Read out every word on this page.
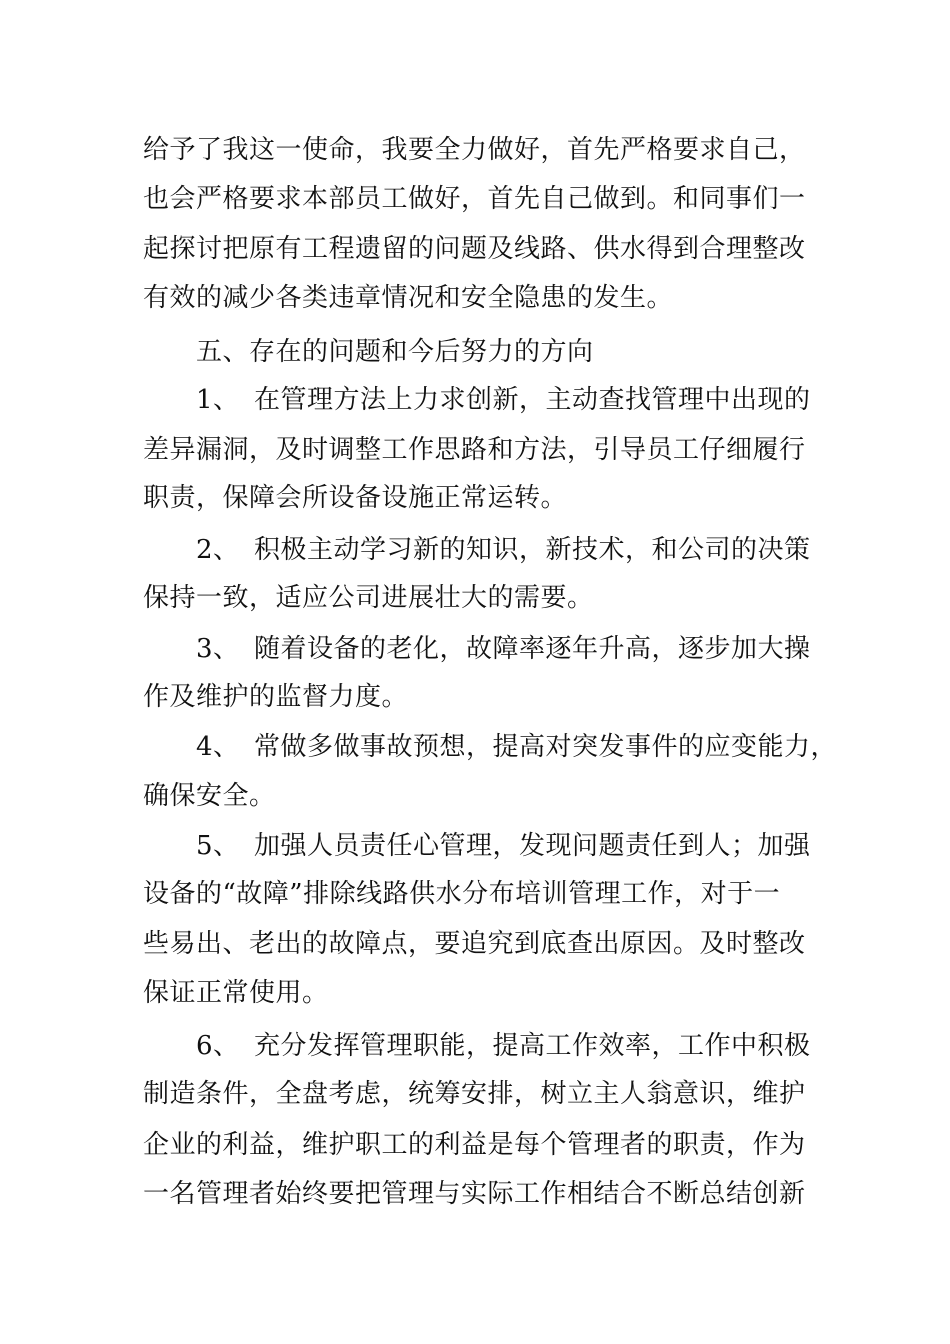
给予了我这一使命，我要全力做好，首先严格要求自己，
也会严格要求本部员工做好，首先自己做到。和同事们一
起探讨把原有工程遗留的问题及线路、供水得到合理整改
有效的减少各类违章情况和安全隐患的发生。
五、存在的问题和今后努力的方向
1、 在管理方法上力求创新，主动查找管理中出现的
差异漏洞，及时调整工作思路和方法，引导员工仔细履行
职责，保障会所设备设施正常运转。
2、 积极主动学习新的知识，新技术，和公司的决策
保持一致，适应公司进展壮大的需要。
3、 随着设备的老化，故障率逐年升高，逐步加大操
作及维护的监督力度。
4、 常做多做事故预想，提高对突发事件的应变能力，
确保安全。
5、 加强人员责任心管理，发现问题责任到人；加强
设备的“故障”排除线路供水分布培训管理工作，对于一
些易出、老出的故障点，要追究到底查出原因。及时整改
保证正常使用。
6、 充分发挥管理职能，提高工作效率，工作中积极
制造条件，全盘考虑，统筹安排，树立主人翁意识，维护
企业的利益，维护职工的利益是每个管理者的职责，作为
一名管理者始终要把管理与实际工作相结合不断总结创新
